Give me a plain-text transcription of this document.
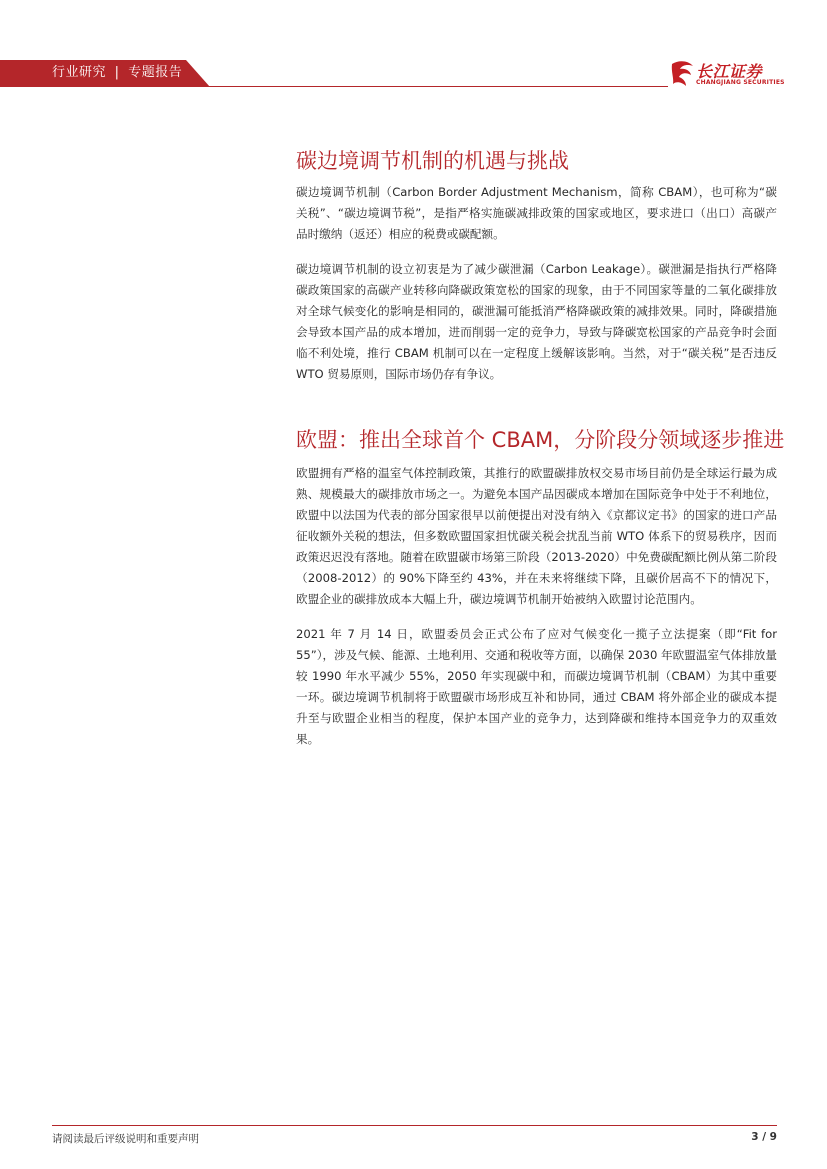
行业研究 | 专题报告	长江证券
CHANGJIANG SECURITIES
碳边境调节机制的机遇与挑战

碳边境调节机制（Carbon Border Adjustment Mechanism，简称 CBAM），也可称为“碳关税”、“碳边境调节税”，是指严格实施碳减排政策的国家或地区，要求进口（出口）高碳产品时缴纳（返还）相应的税费或碳配额。

碳边境调节机制的设立初衷是为了减少碳泄漏（Carbon Leakage）。碳泄漏是指执行严格降碳政策国家的高碳产业转移向降碳政策宽松的国家的现象，由于不同国家等量的二氧化碳排放对全球气候变化的影响是相同的，碳泄漏可能抵消严格降碳政策的减排效果。同时，降碳措施会导致本国产品的成本增加，进而削弱一定的竞争力，导致与降碳宽松国家的产品竞争时会面临不利处境，推行 CBAM 机制可以在一定程度上缓解该影响。当然，对于“碳关税”是否违反 WTO 贸易原则，国际市场仍存有争议。

欧盟：推出全球首个 CBAM，分阶段分领域逐步推进

欧盟拥有严格的温室气体控制政策，其推行的欧盟碳排放权交易市场目前仍是全球运行最为成熟、规模最大的碳排放市场之一。为避免本国产品因碳成本增加在国际竞争中处于不利地位，欧盟中以法国为代表的部分国家很早以前便提出对没有纳入《京都议定书》的国家的进口产品征收额外关税的想法，但多数欧盟国家担忧碳关税会扰乱当前 WTO 体系下的贸易秩序，因而政策迟迟没有落地。随着在欧盟碳市场第三阶段（2013-2020）中免费碳配额比例从第二阶段（2008-2012）的 90%下降至约 43%，并在未来将继续下降，且碳价居高不下的情况下，欧盟企业的碳排放成本大幅上升，碳边境调节机制开始被纳入欧盟讨论范围内。

2021 年 7 月 14 日，欧盟委员会正式公布了应对气候变化一揽子立法提案（即“Fit for 55”），涉及气候、能源、土地利用、交通和税收等方面，以确保 2030 年欧盟温室气体排放量较 1990 年水平减少 55%，2050 年实现碳中和，而碳边境调节机制（CBAM）为其中重要一环。碳边境调节机制将于欧盟碳市场形成互补和协同，通过 CBAM 将外部企业的碳成本提升至与欧盟企业相当的程度，保护本国产业的竞争力，达到降碳和维持本国竞争力的双重效果。

请阅读最后评级说明和重要声明	3 / 9
